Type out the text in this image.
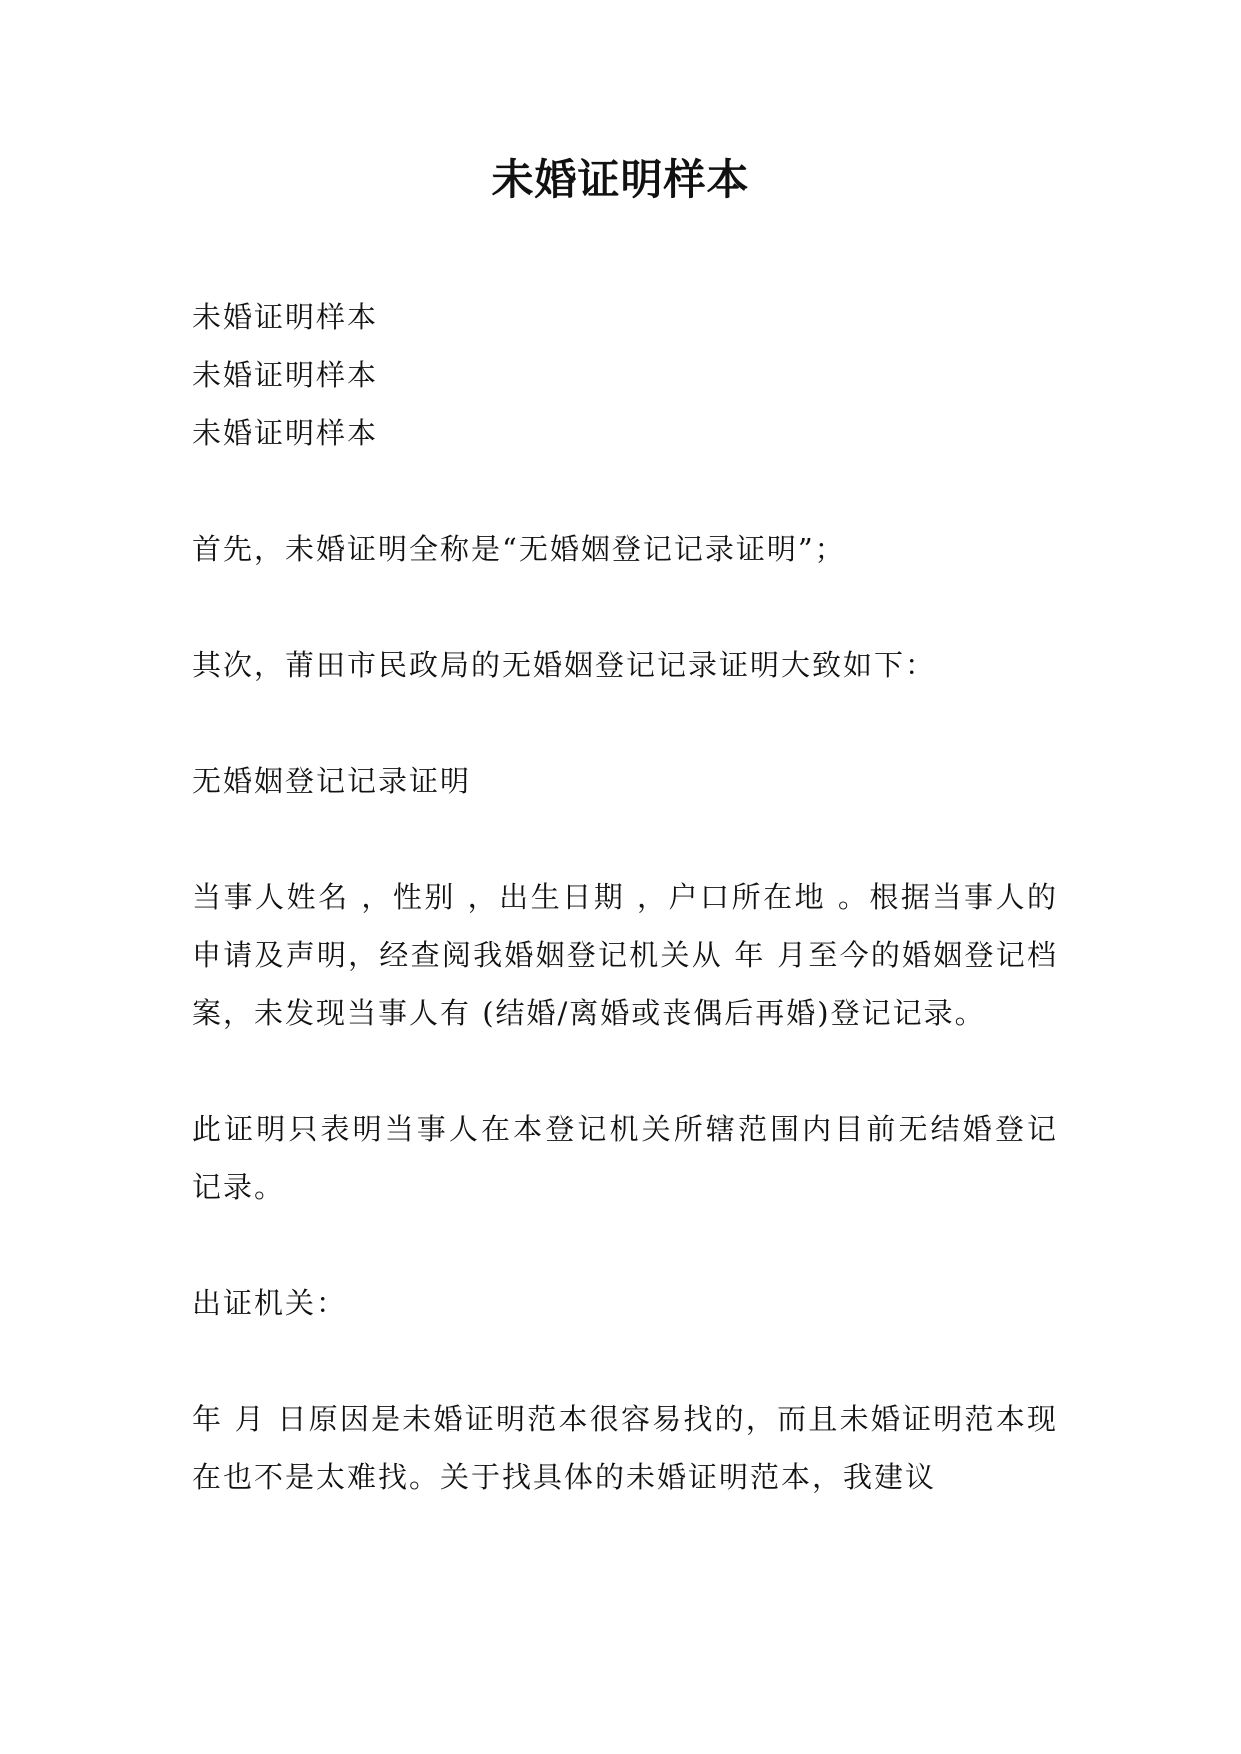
未婚证明样本

未婚证明样本

未婚证明样本

未婚证明样本

首先，未婚证明全称是“无婚姻登记记录证明”；

其次，莆田市民政局的无婚姻登记记录证明大致如下：

无婚姻登记记录证明

当事人姓名 ，性别 ，出生日期 ，户口所在地 。根据当事人的申请及声明，经查阅我婚姻登记机关从 年 月至今的婚姻登记档案，未发现当事人有 (结婚/离婚或丧偶后再婚)登记记录。

此证明只表明当事人在本登记机关所辖范围内目前无结婚登记记录。

出证机关：

年 月 日原因是未婚证明范本很容易找的，而且未婚证明范本现在也不是太难找。关于找具体的未婚证明范本，我建议
